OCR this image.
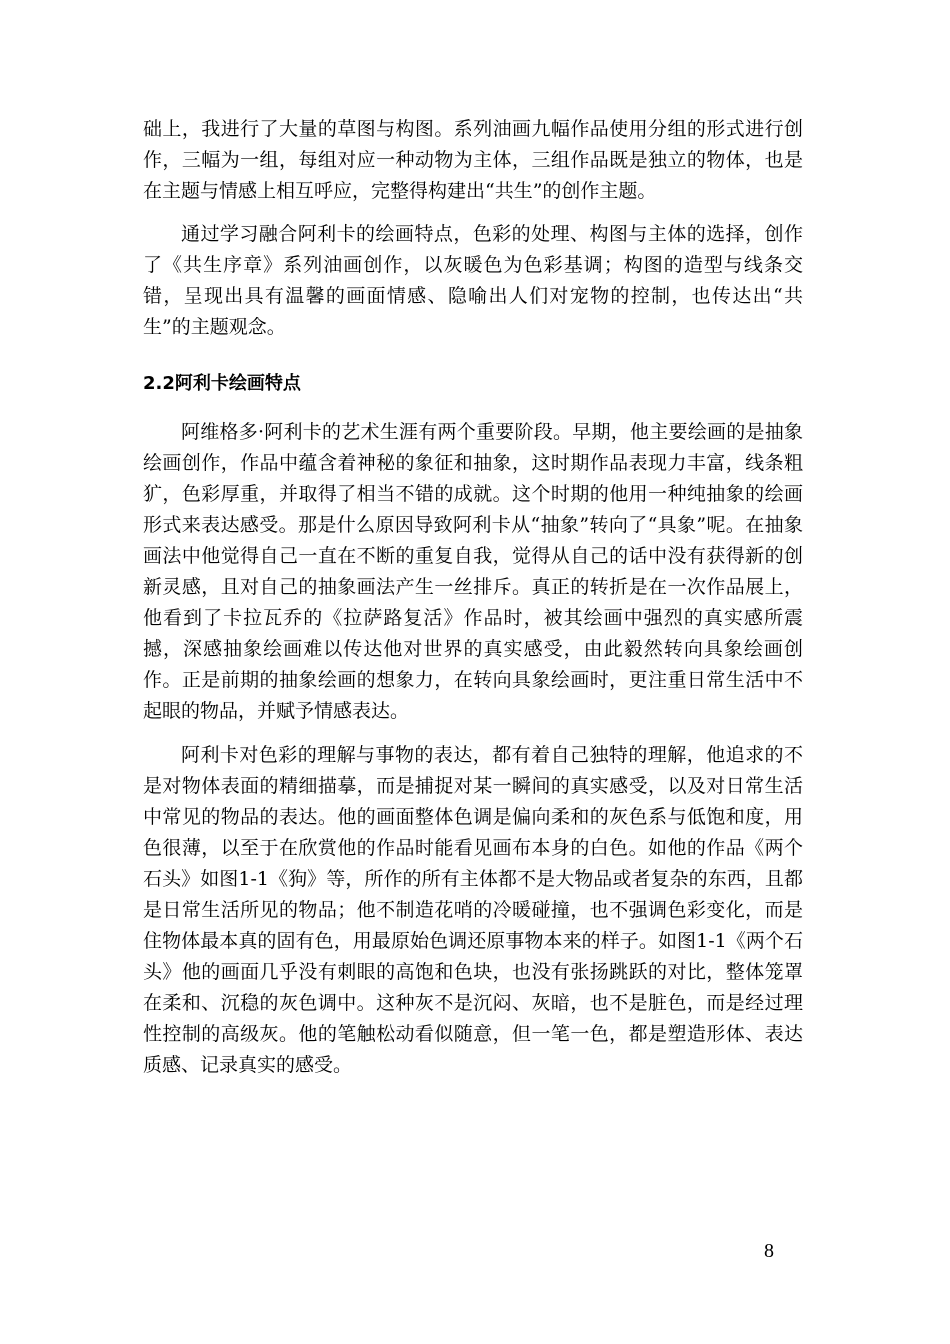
础上，我进行了大量的草图与构图。系列油画九幅作品使用分组的形式进行创作，三幅为一组，每组对应一种动物为主体，三组作品既是独立的物体，也是在主题与情感上相互呼应，完整得构建出“共生”的创作主题。

通过学习融合阿利卡的绘画特点，色彩的处理、构图与主体的选择，创作了《共生序章》系列油画创作，以灰暖色为色彩基调；构图的造型与线条交错，呈现出具有温馨的画面情感、隐喻出人们对宠物的控制，也传达出“共生”的主题观念。

2.2阿利卡绘画特点

阿维格多·阿利卡的艺术生涯有两个重要阶段。早期，他主要绘画的是抽象绘画创作，作品中蕴含着神秘的象征和抽象，这时期作品表现力丰富，线条粗犷，色彩厚重，并取得了相当不错的成就。这个时期的他用一种纯抽象的绘画形式来表达感受。那是什么原因导致阿利卡从“抽象”转向了“具象”呢。在抽象画法中他觉得自己一直在不断的重复自我，觉得从自己的话中没有获得新的创新灵感，且对自己的抽象画法产生一丝排斥。真正的转折是在一次作品展上，他看到了卡拉瓦乔的《拉萨路复活》作品时，被其绘画中强烈的真实感所震撼，深感抽象绘画难以传达他对世界的真实感受，由此毅然转向具象绘画创作。正是前期的抽象绘画的想象力，在转向具象绘画时，更注重日常生活中不起眼的物品，并赋予情感表达。

阿利卡对色彩的理解与事物的表达，都有着自己独特的理解，他追求的不是对物体表面的精细描摹，而是捕捉对某一瞬间的真实感受，以及对日常生活中常见的物品的表达。他的画面整体色调是偏向柔和的灰色系与低饱和度，用色很薄，以至于在欣赏他的作品时能看见画布本身的白色。如他的作品《两个石头》如图1-1《狗》等，所作的所有主体都不是大物品或者复杂的东西，且都是日常生活所见的物品；他不制造花哨的冷暖碰撞，也不强调色彩变化，而是住物体最本真的固有色，用最原始色调还原事物本来的样子。如图1-1《两个石头》他的画面几乎没有刺眼的高饱和色块，也没有张扬跳跃的对比，整体笼罩在柔和、沉稳的灰色调中。这种灰不是沉闷、灰暗，也不是脏色，而是经过理性控制的高级灰。他的笔触松动看似随意，但一笔一色，都是塑造形体、表达质感、记录真实的感受。

8
